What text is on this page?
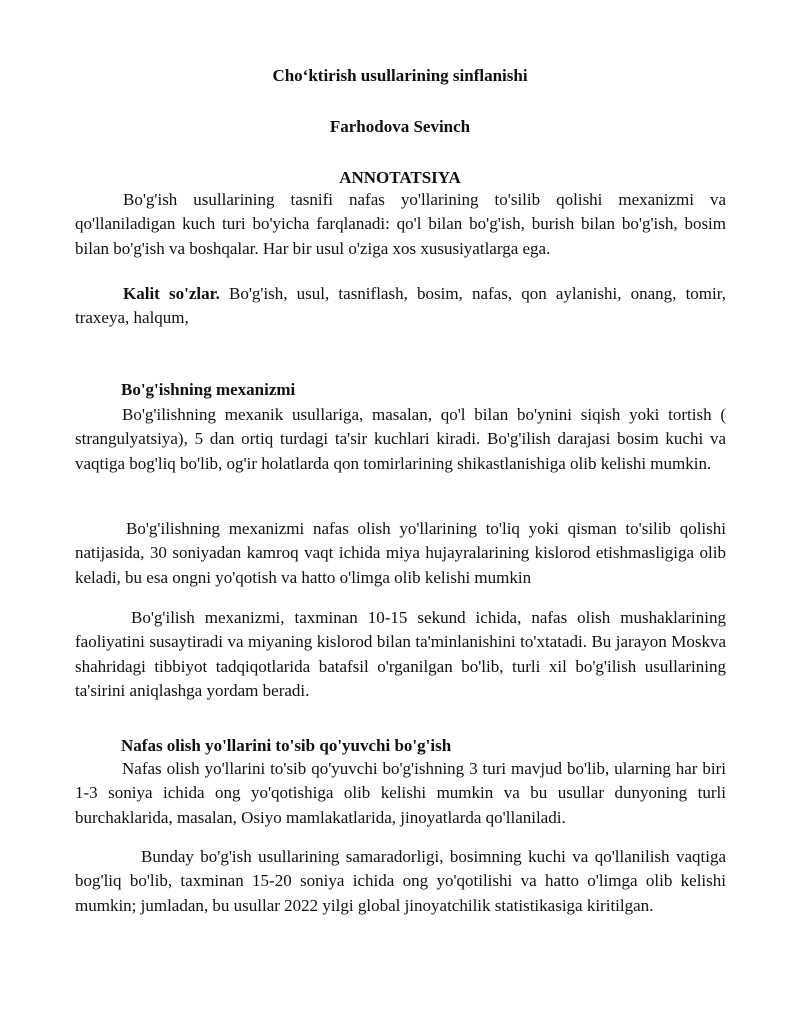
Choʻktirish usullarining sinflanishi
Farhodova Sevinch
ANNOTATSIYA

Bo'g'ish usullarining tasnifi nafas yo'llarining to'silib qolishi mexanizmi va qo'llaniladigan kuch turi bo'yicha farqlanadi: qo'l bilan bo'g'ish, burish bilan bo'g'ish, bosim bilan bo'g'ish va boshqalar. Har bir usul o'ziga xos xususiyatlarga ega.

Kalit so'zlar. Bo'g'ish, usul, tasniflash, bosim, nafas, qon aylanishi, onang, tomir, traxeya, halqum,

Bo'g'ishning mexanizmi

Bo'g'ilishning mexanik usullariga, masalan, qo'l bilan bo'ynini siqish yoki tortish ( strangulyatsiya), 5 dan ortiq turdagi ta'sir kuchlari kiradi. Bo'g'ilish darajasi bosim kuchi va vaqtiga bog'liq bo'lib, og'ir holatlarda qon tomirlarining shikastlanishiga olib kelishi mumkin.

Bo'g'ilishning mexanizmi nafas olish yo'llarining to'liq yoki qisman to'silib qolishi natijasida, 30 soniyadan kamroq vaqt ichida miya hujayralarining kislorod etishmasligiga olib keladi, bu esa ongni yo'qotish va hatto o'limga olib kelishi mumkin

Bo'g'ilish mexanizmi, taxminan 10-15 sekund ichida, nafas olish mushaklarining faoliyatini susaytiradi va miyaning kislorod bilan ta'minlanishini to'xtatadi. Bu jarayon Moskva shahridagi tibbiyot tadqiqotlarida batafsil o'rganilgan bo'lib, turli xil bo'g'ilish usullarining ta'sirini aniqlashga yordam beradi.

Nafas olish yo'llarini to'sib qo'yuvchi bo'g'ish

Nafas olish yo'llarini to'sib qo'yuvchi bo'g'ishning 3 turi mavjud bo'lib, ularning har biri 1-3 soniya ichida ong yo'qotishiga olib kelishi mumkin va bu usullar dunyoning turli burchaklarida, masalan, Osiyo mamlakatlarida, jinoyatlarda qo'llaniladi.

Bunday bo'g'ish usullarining samaradorligi, bosimning kuchi va qo'llanilish vaqtiga bog'liq bo'lib, taxminan 15-20 soniya ichida ong yo'qotilishi va hatto o'limga olib kelishi mumkin; jumladan, bu usullar 2022 yilgi global jinoyatchilik statistikasiga kiritilgan.
